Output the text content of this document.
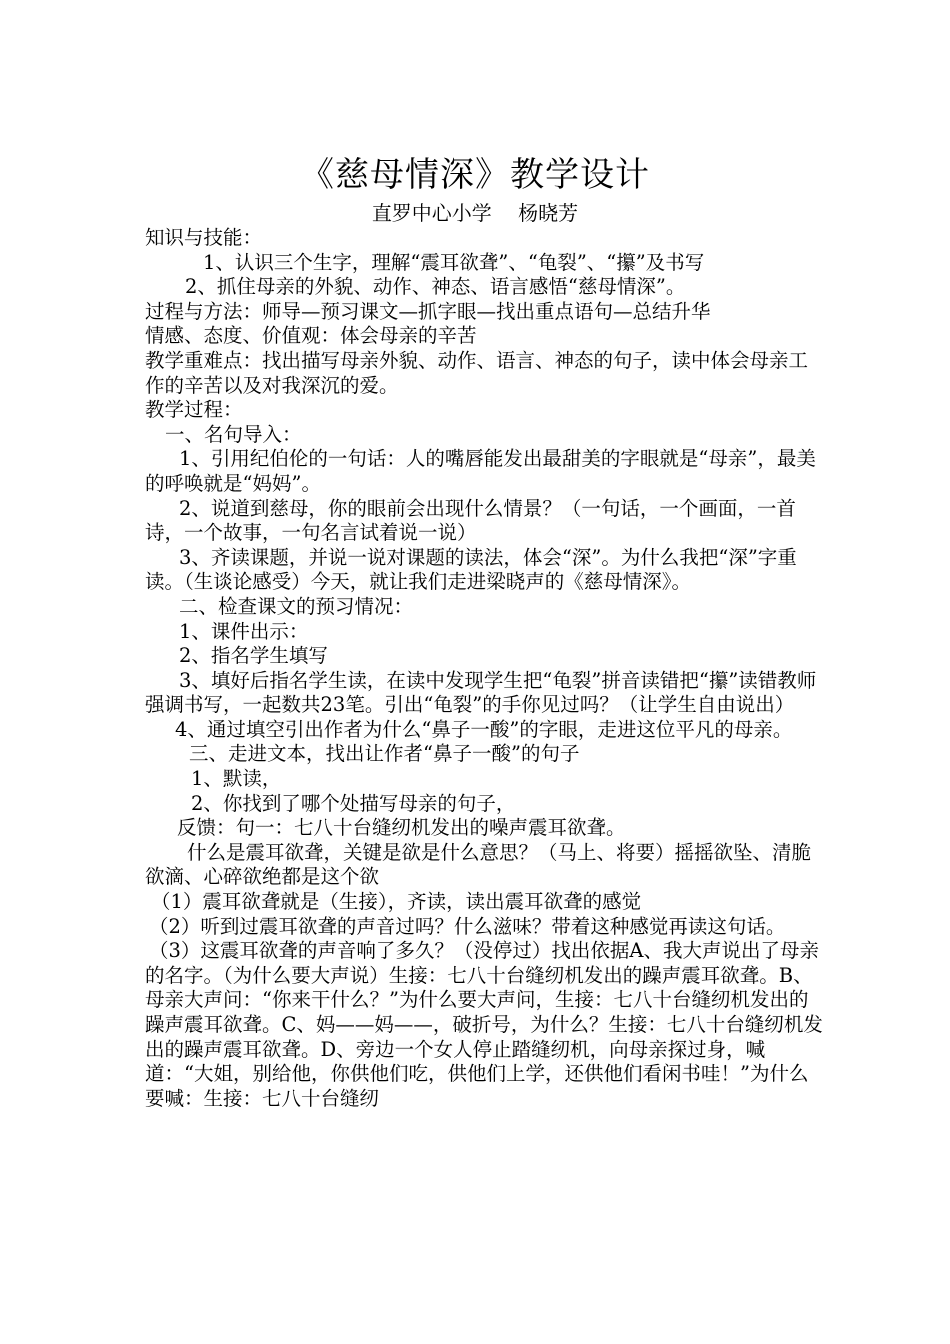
《慈母情深》教学设计
直罗中心小学　 杨晓芳

知识与技能：

1、认识三个生字，理解“震耳欲聋”、“龟裂”、“攥”及书写

2、抓住母亲的外貌、动作、神态、语言感悟“慈母情深”。

过程与方法：师导—预习课文—抓字眼—找出重点语句—总结升华

情感、态度、价值观：体会母亲的辛苦

教学重难点：找出描写母亲外貌、动作、语言、神态的句子，读中体会母亲工作的辛苦以及对我深沉的爱。

教学过程：

一、名句导入：

1、引用纪伯伦的一句话：人的嘴唇能发出最甜美的字眼就是“母亲”，最美的呼唤就是“妈妈”。

2、说道到慈母，你的眼前会出现什么情景？（一句话，一个画面，一首诗，一个故事，一句名言试着说一说）

3、齐读课题，并说一说对课题的读法，体会“深”。为什么我把“深”字重读。（生谈论感受）今天，就让我们走进梁晓声的《慈母情深》。

二、检查课文的预习情况：

1、课件出示：

2、指名学生填写

3、填好后指名学生读，在读中发现学生把“龟裂”拼音读错把“攥”读错教师强调书写，一起数共23笔。引出“龟裂”的手你见过吗？（让学生自由说出）

4、通过填空引出作者为什么“鼻子一酸”的字眼，走进这位平凡的母亲。

三、走进文本，找出让作者“鼻子一酸”的句子

1、默读，

2、你找到了哪个处描写母亲的句子，

反馈：句一：七八十台缝纫机发出的噪声震耳欲聋。

什么是震耳欲聋，关键是欲是什么意思？（马上、将要）摇摇欲坠、清脆欲滴、心碎欲绝都是这个欲

（1）震耳欲聋就是（生接），齐读，读出震耳欲聋的感觉

（2）听到过震耳欲聋的声音过吗？什么滋味？带着这种感觉再读这句话。

（3）这震耳欲聋的声音响了多久？（没停过）找出依据A、我大声说出了母亲的名字。（为什么要大声说）生接：七八十台缝纫机发出的躁声震耳欲聋。B、母亲大声问：“你来干什么？”为什么要大声问，生接：七八十台缝纫机发出的躁声震耳欲聋。C、妈——妈——，破折号，为什么？生接：七八十台缝纫机发出的躁声震耳欲聋。D、旁边一个女人停止踏缝纫机，向母亲探过身，喊道：“大姐，别给他，你供他们吃，供他们上学，还供他们看闲书哇！”为什么要喊：生接：七八十台缝纫
